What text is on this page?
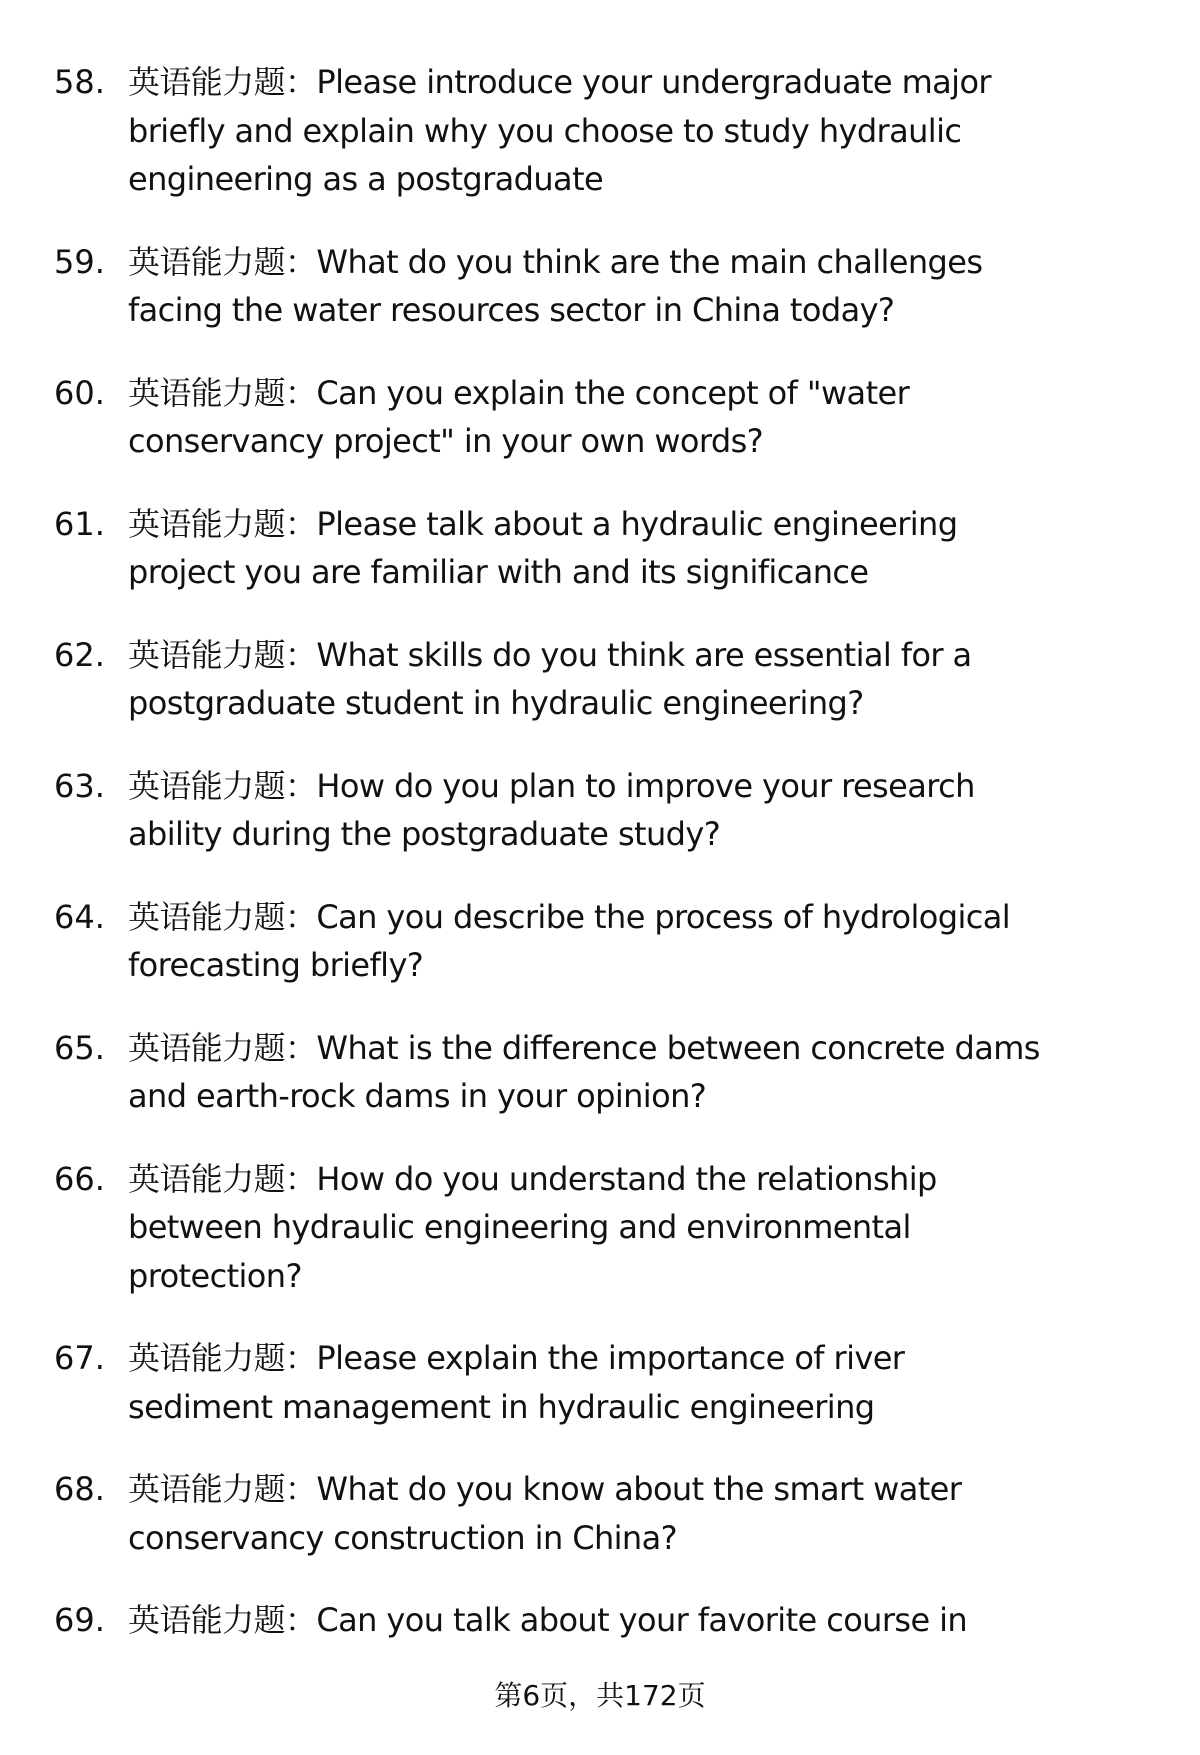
58. 英语能力题：Please introduce your undergraduate major
briefly and explain why you choose to study hydraulic
engineering as a postgraduate
59. 英语能力题：What do you think are the main challenges
facing the water resources sector in China today?
60. 英语能力题：Can you explain the concept of "water
conservancy project" in your own words?
61. 英语能力题：Please talk about a hydraulic engineering
project you are familiar with and its significance
62. 英语能力题：What skills do you think are essential for a
postgraduate student in hydraulic engineering?
63. 英语能力题：How do you plan to improve your research
ability during the postgraduate study?
64. 英语能力题：Can you describe the process of hydrological
forecasting briefly?
65. 英语能力题：What is the difference between concrete dams
and earth-rock dams in your opinion?
66. 英语能力题：How do you understand the relationship
between hydraulic engineering and environmental
protection?
67. 英语能力题：Please explain the importance of river
sediment management in hydraulic engineering
68. 英语能力题：What do you know about the smart water
conservancy construction in China?
69. 英语能力题：Can you talk about your favorite course in
第6页，共172页
